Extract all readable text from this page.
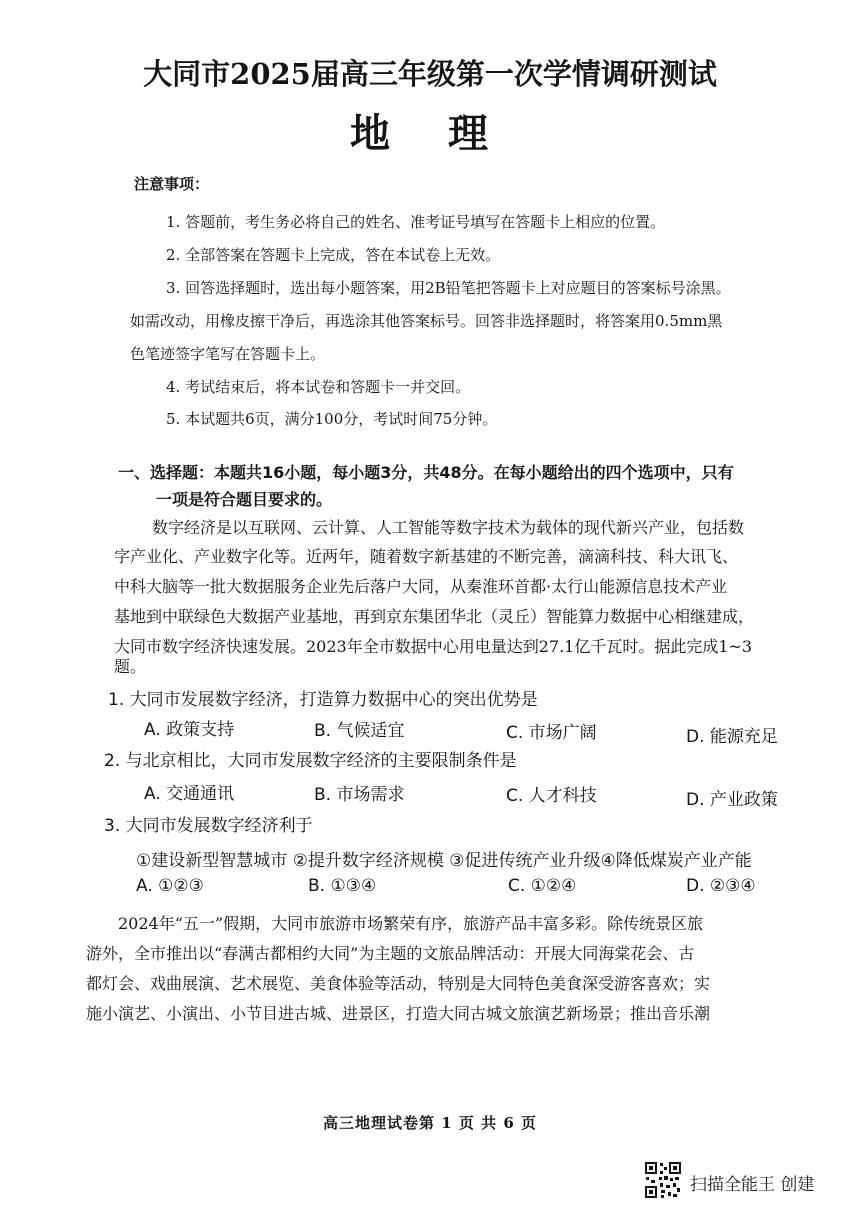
大同市2025届高三年级第一次学情调研测试
地 理
注意事项：
1. 答题前，考生务必将自己的姓名、准考证号填写在答题卡上相应的位置。
2. 全部答案在答题卡上完成，答在本试卷上无效。
3. 回答选择题时，选出每小题答案，用2B铅笔把答题卡上对应题目的答案标号涂黑。
如需改动，用橡皮擦干净后，再选涂其他答案标号。回答非选择题时，将答案用0.5mm黑
色笔迹签字笔写在答题卡上。
4. 考试结束后，将本试卷和答题卡一并交回。
5. 本试题共6页，满分100分，考试时间75分钟。
一、选择题：本题共16小题，每小题3分，共48分。在每小题给出的四个选项中，只有
一项是符合题目要求的。
数字经济是以互联网、云计算、人工智能等数字技术为载体的现代新兴产业，包括数
字产业化、产业数字化等。近两年，随着数字新基建的不断完善，滴滴科技、科大讯飞、
中科大脑等一批大数据服务企业先后落户大同，从秦淮环首都·太行山能源信息技术产业
基地到中联绿色大数据产业基地，再到京东集团华北（灵丘）智能算力数据中心相继建成，
大同市数字经济快速发展。2023年全市数据中心用电量达到27.1亿千瓦时。据此完成1~3
题。
1. 大同市发展数字经济，打造算力数据中心的突出优势是
A. 政策支持	B. 气候适宜	C. 市场广阔	D. 能源充足
2. 与北京相比，大同市发展数字经济的主要限制条件是
A. 交通通讯	B. 市场需求	C. 人才科技	D. 产业政策
3. 大同市发展数字经济利于
①建设新型智慧城市 ②提升数字经济规模 ③促进传统产业升级④降低煤炭产业产能
A. ①②③	B. ①③④	C. ①②④	D. ②③④
2024年“五一”假期，大同市旅游市场繁荣有序，旅游产品丰富多彩。除传统景区旅
游外，全市推出以“春满古都相约大同”为主题的文旅品牌活动：开展大同海棠花会、古
都灯会、戏曲展演、艺术展览、美食体验等活动，特别是大同特色美食深受游客喜欢；实
施小演艺、小演出、小节目进古城、进景区，打造大同古城文旅演艺新场景；推出音乐潮
高三地理试卷第 1 页 共 6 页
扫描全能王 创建
